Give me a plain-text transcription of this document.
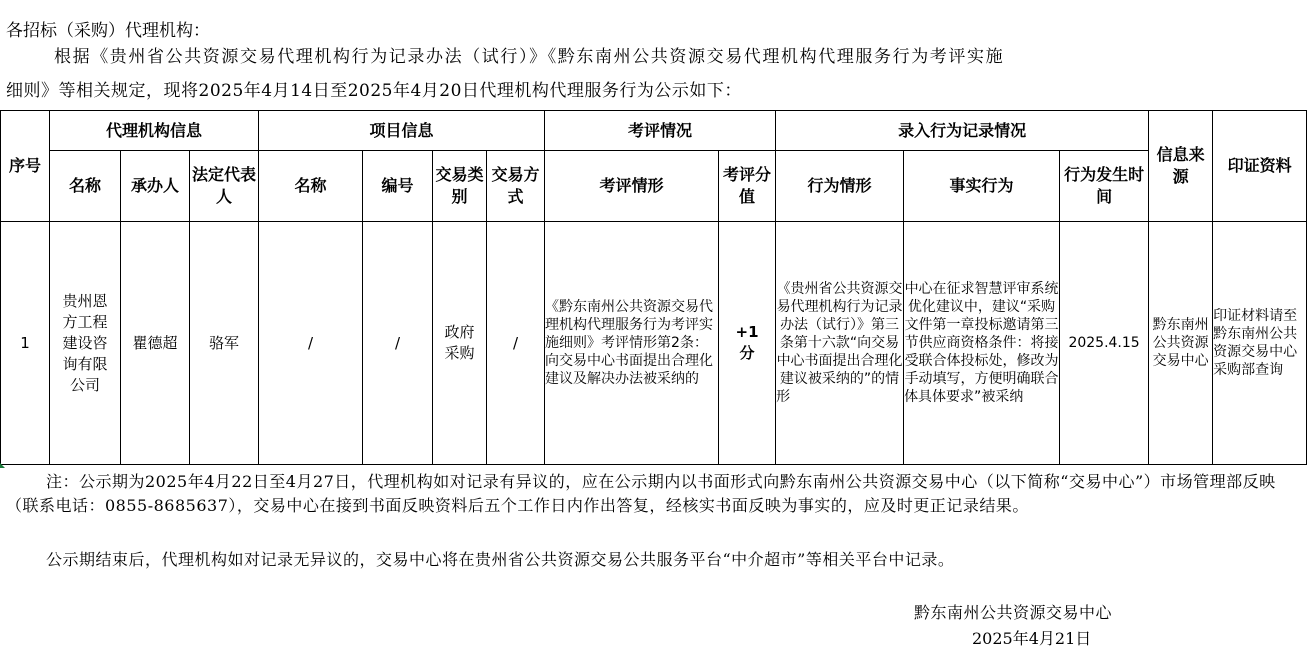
各招标（采购）代理机构：
根据《贵州省公共资源交易代理机构行为记录办法（试行）》《黔东南州公共资源交易代理机构代理服务行为考评实施
细则》等相关规定，现将2025年4月14日至2025年4月20日代理机构代理服务行为公示如下：
序号	代理机构信息			项目信息				考评情况		录入行为记录情况			信息来源	印证资料
	名称	承办人	法定代表人	名称	编号	交易类别	交易方式	考评情形	考评分值	行为情形	事实行为	行为发生时间		
1	贵州恩方工程建设咨询有限公司	瞿德超	骆军	/	/	政府采购	/	《黔东南州公共资源交易代理机构代理服务行为考评实施细则》考评情形第2条：向交易中心书面提出合理化建议及解决办法被采纳的	+1分	《贵州省公共资源交易代理机构行为记录办法（试行）》第三条第十六款“向交易中心书面提出合理化建议被采纳的”的情形	中心在征求智慧评审系统优化建议中，建议“采购文件第一章投标邀请第三节供应商资格条件：将接受联合体投标处，修改为手动填写，方便明确联合体具体要求”被采纳	2025.4.15	黔东南州公共资源交易中心	印证材料请至黔东南州公共资源交易中心采购部查询
注：公示期为2025年4月22日至4月27日，代理机构如对记录有异议的，应在公示期内以书面形式向黔东南州公共资源交易中心（以下简称“交易中心”）市场管理部反映（联系电话：0855-8685637），交易中心在接到书面反映资料后五个工作日内作出答复，经核实书面反映为事实的，应及时更正记录结果。
公示期结束后，代理机构如对记录无异议的，交易中心将在贵州省公共资源交易公共服务平台“中介超市”等相关平台中记录。
黔东南州公共资源交易中心
2025年4月21日
